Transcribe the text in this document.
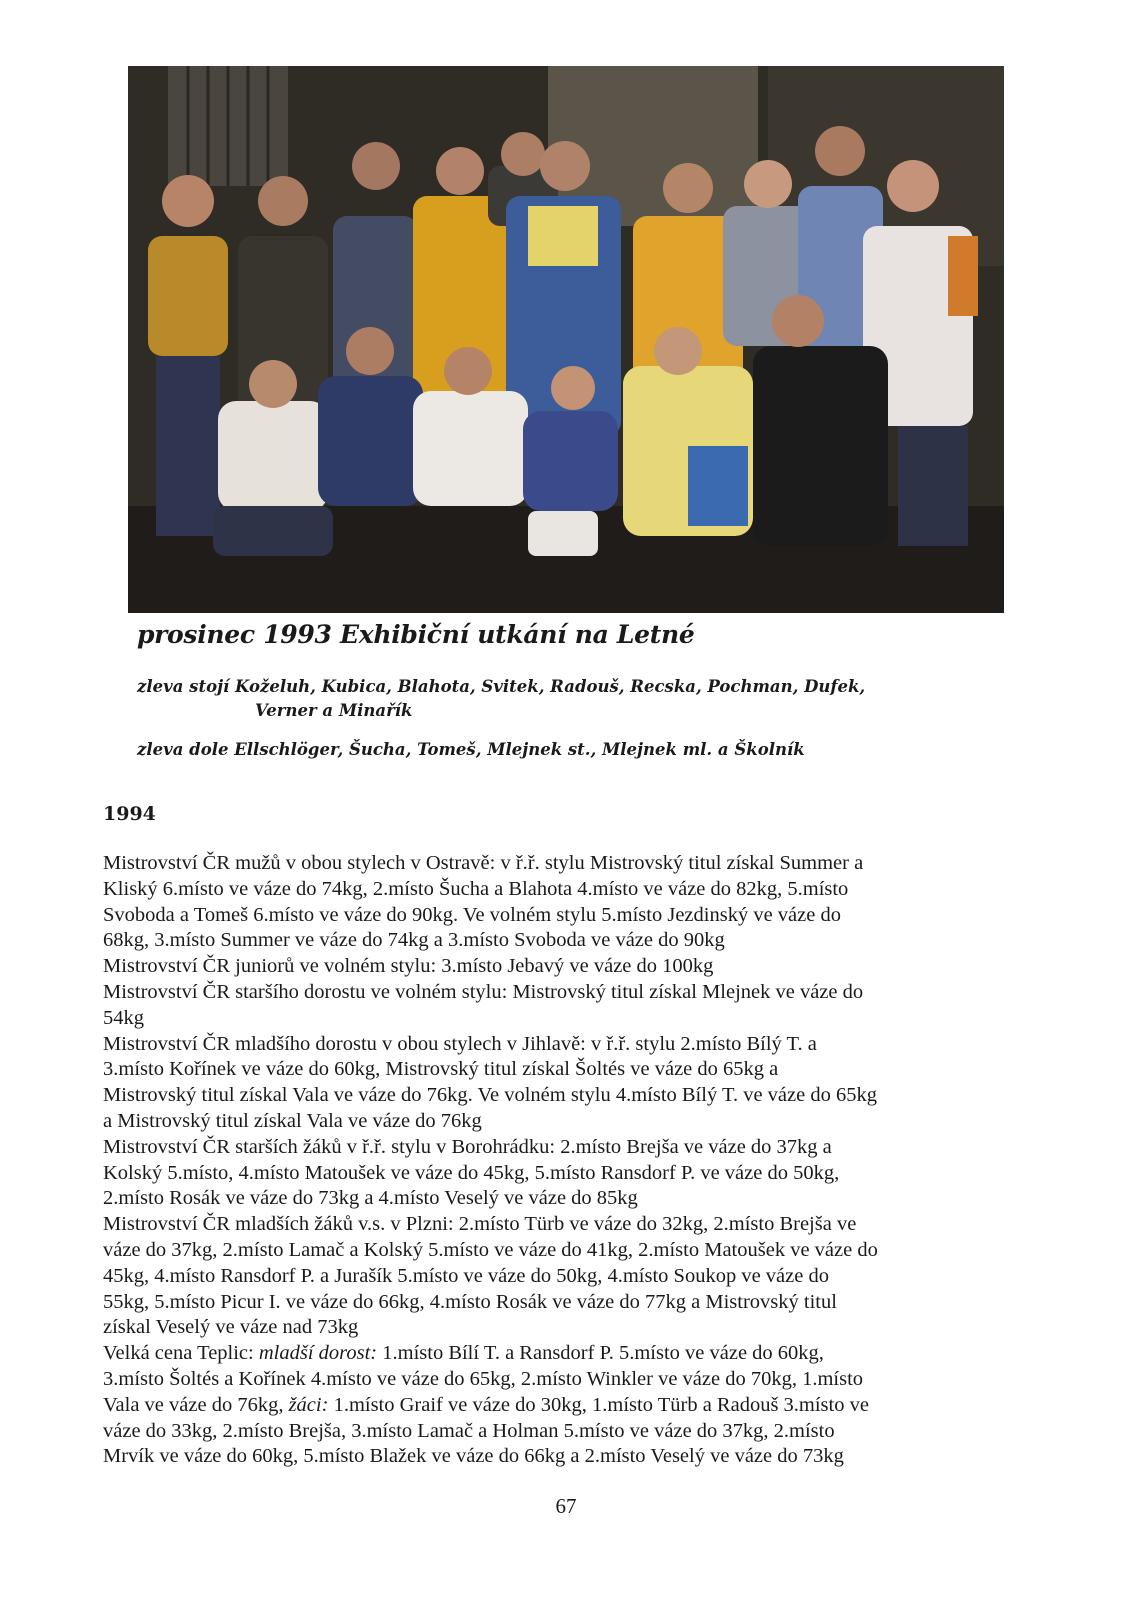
prosinec 1993 Exhibiční utkání na Letné
zleva stojí Koželuh, Kubica, Blahota, Svitek, Radouš, Recska, Pochman, Dufek,
Verner a Minařík
zleva dole Ellschlöger, Šucha, Tomeš, Mlejnek st., Mlejnek ml. a Školník
1994
Mistrovství ČR mužů v obou stylech v Ostravě: v ř.ř. stylu Mistrovský titul získal Summer a
Kliský 6.místo ve váze do 74kg, 2.místo Šucha a Blahota 4.místo ve váze do 82kg, 5.místo
Svoboda a Tomeš 6.místo ve váze do 90kg. Ve volném stylu 5.místo Jezdinský ve váze do
68kg, 3.místo Summer ve váze do 74kg a 3.místo Svoboda ve váze do 90kg
Mistrovství ČR juniorů ve volném stylu: 3.místo Jebavý ve váze do 100kg
Mistrovství ČR staršího dorostu ve volném stylu: Mistrovský titul získal Mlejnek ve váze do
54kg
Mistrovství ČR mladšího dorostu v obou stylech v Jihlavě: v ř.ř. stylu 2.místo Bílý T. a
3.místo Kořínek ve váze do 60kg, Mistrovský titul získal Šoltés ve váze do 65kg a
Mistrovský titul získal Vala ve váze do 76kg. Ve volném stylu 4.místo Bílý T. ve váze do 65kg
a Mistrovský titul získal Vala ve váze do 76kg
Mistrovství ČR starších žáků v ř.ř. stylu v Borohrádku: 2.místo Brejša ve váze do 37kg a
Kolský 5.místo, 4.místo Matoušek ve váze do 45kg, 5.místo Ransdorf P. ve váze do 50kg,
2.místo Rosák ve váze do 73kg a 4.místo Veselý ve váze do 85kg
Mistrovství ČR mladších žáků v.s. v Plzni: 2.místo Türb ve váze do 32kg, 2.místo Brejša ve
váze do 37kg, 2.místo Lamač a Kolský 5.místo ve váze do 41kg, 2.místo Matoušek ve váze do
45kg, 4.místo Ransdorf P. a Jurašík 5.místo ve váze do 50kg, 4.místo Soukop ve váze do
55kg, 5.místo Picur I. ve váze do 66kg, 4.místo Rosák ve váze do 77kg a Mistrovský titul
získal Veselý ve váze nad 73kg
Velká cena Teplic: mladší dorost: 1.místo Bílí T. a Ransdorf P. 5.místo ve váze do 60kg,
3.místo Šoltés a Kořínek 4.místo ve váze do 65kg, 2.místo Winkler ve váze do 70kg, 1.místo
Vala ve váze do 76kg, žáci: 1.místo Graif ve váze do 30kg, 1.místo Türb a Radouš 3.místo ve
váze do 33kg, 2.místo Brejša, 3.místo Lamač a Holman 5.místo ve váze do 37kg, 2.místo
Mrvík ve váze do 60kg, 5.místo Blažek ve váze do 66kg a 2.místo Veselý ve váze do 73kg
67
